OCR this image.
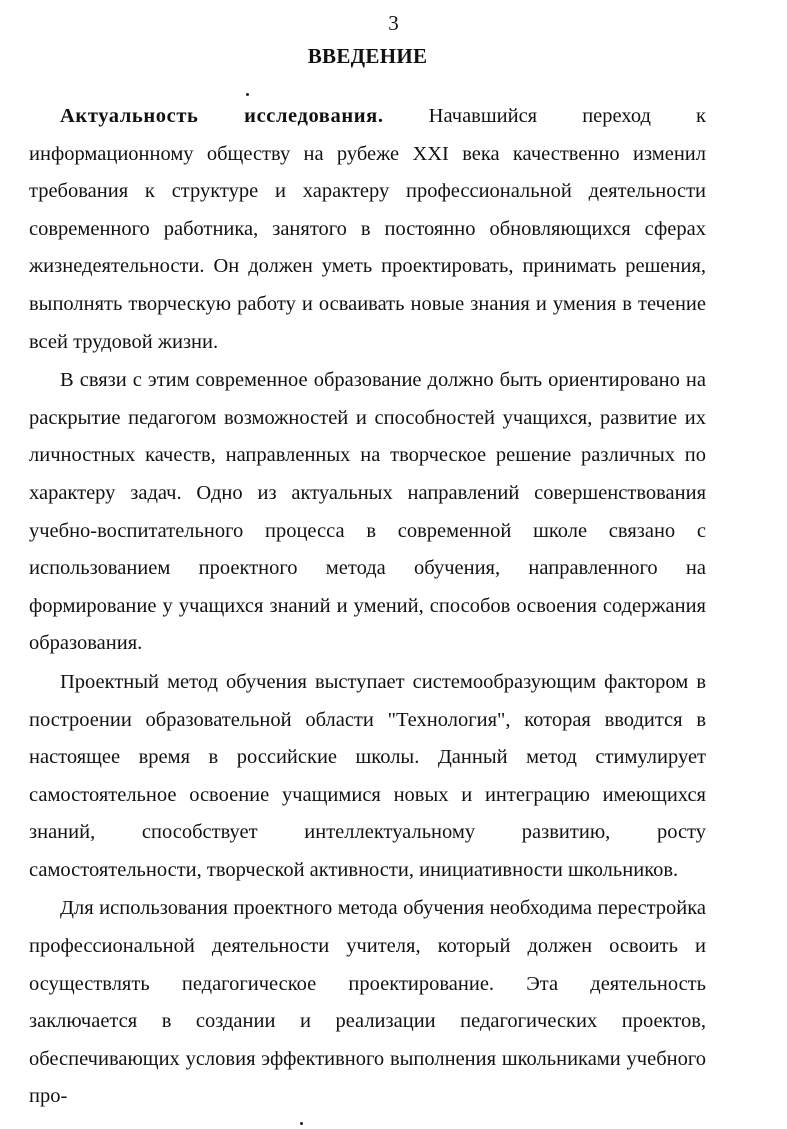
3
ВВЕДЕНИЕ

Актуальность исследования. Начавшийся переход к информационному обществу на рубеже XXI века качественно изменил требования к структуре и характеру профессиональной деятельности современного работника, занятого в постоянно обновляющихся сферах жизнедеятельности. Он должен уметь проектировать, принимать решения, выполнять творческую работу и осваивать новые знания и умения в течение всей трудовой жизни.

В связи с этим современное образование должно быть ориентировано на раскрытие педагогом возможностей и способностей учащихся, развитие их личностных качеств, направленных на творческое решение различных по характеру задач. Одно из актуальных направлений совершенствования учебно-воспитательного процесса в современной школе связано с использованием проектного метода обучения, направленного на формирование у учащихся знаний и умений, способов освоения содержания образования.

Проектный метод обучения выступает системообразующим фактором в построении образовательной области "Технология", которая вводится в настоящее время в российские школы. Данный метод стимулирует самостоятельное освоение учащимися новых и интеграцию имеющихся знаний, способствует интеллектуальному развитию, росту самостоятельности, творческой активности, инициативности школьников.

Для использования проектного метода обучения необходима перестройка профессиональной деятельности учителя, который должен освоить и осуществлять педагогическое проектирование. Эта деятельность заключается в создании и реализации педагогических проектов, обеспечивающих условия эффективного выполнения школьниками учебного про-
